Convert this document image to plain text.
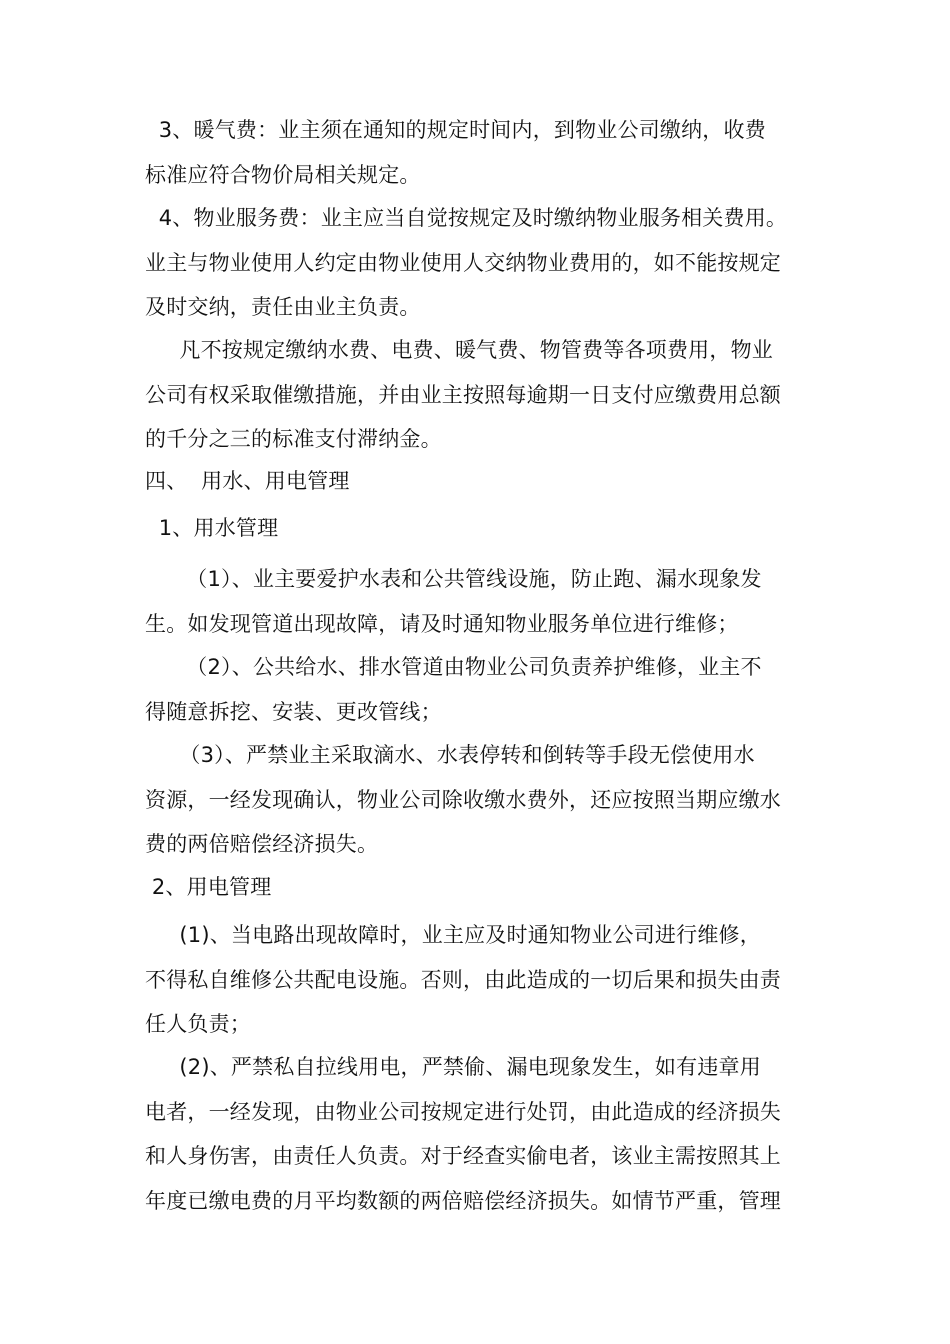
3、暖气费：业主须在通知的规定时间内，到物业公司缴纳，收费
标准应符合物价局相关规定。

4、物业服务费：业主应当自觉按规定及时缴纳物业服务相关费用。
业主与物业使用人约定由物业使用人交纳物业费用的，如不能按规定
及时交纳，责任由业主负责。

凡不按规定缴纳水费、电费、暖气费、物管费等各项费用，物业
公司有权采取催缴措施，并由业主按照每逾期一日支付应缴费用总额
的千分之三的标准支付滞纳金。

四、  用水、用电管理

1、用水管理

（1）、业主要爱护水表和公共管线设施，防止跑、漏水现象发
生。如发现管道出现故障，请及时通知物业服务单位进行维修；

（2）、公共给水、排水管道由物业公司负责养护维修，业主不
得随意拆挖、安装、更改管线；

（3）、严禁业主采取滴水、水表停转和倒转等手段无偿使用水
资源，一经发现确认，物业公司除收缴水费外，还应按照当期应缴水
费的两倍赔偿经济损失。

2、用电管理

(1)、当电路出现故障时，业主应及时通知物业公司进行维修，
不得私自维修公共配电设施。否则，由此造成的一切后果和损失由责
任人负责；

(2)、严禁私自拉线用电，严禁偷、漏电现象发生，如有违章用
电者，一经发现，由物业公司按规定进行处罚，由此造成的经济损失
和人身伤害，由责任人负责。对于经查实偷电者，该业主需按照其上
年度已缴电费的月平均数额的两倍赔偿经济损失。如情节严重，管理
